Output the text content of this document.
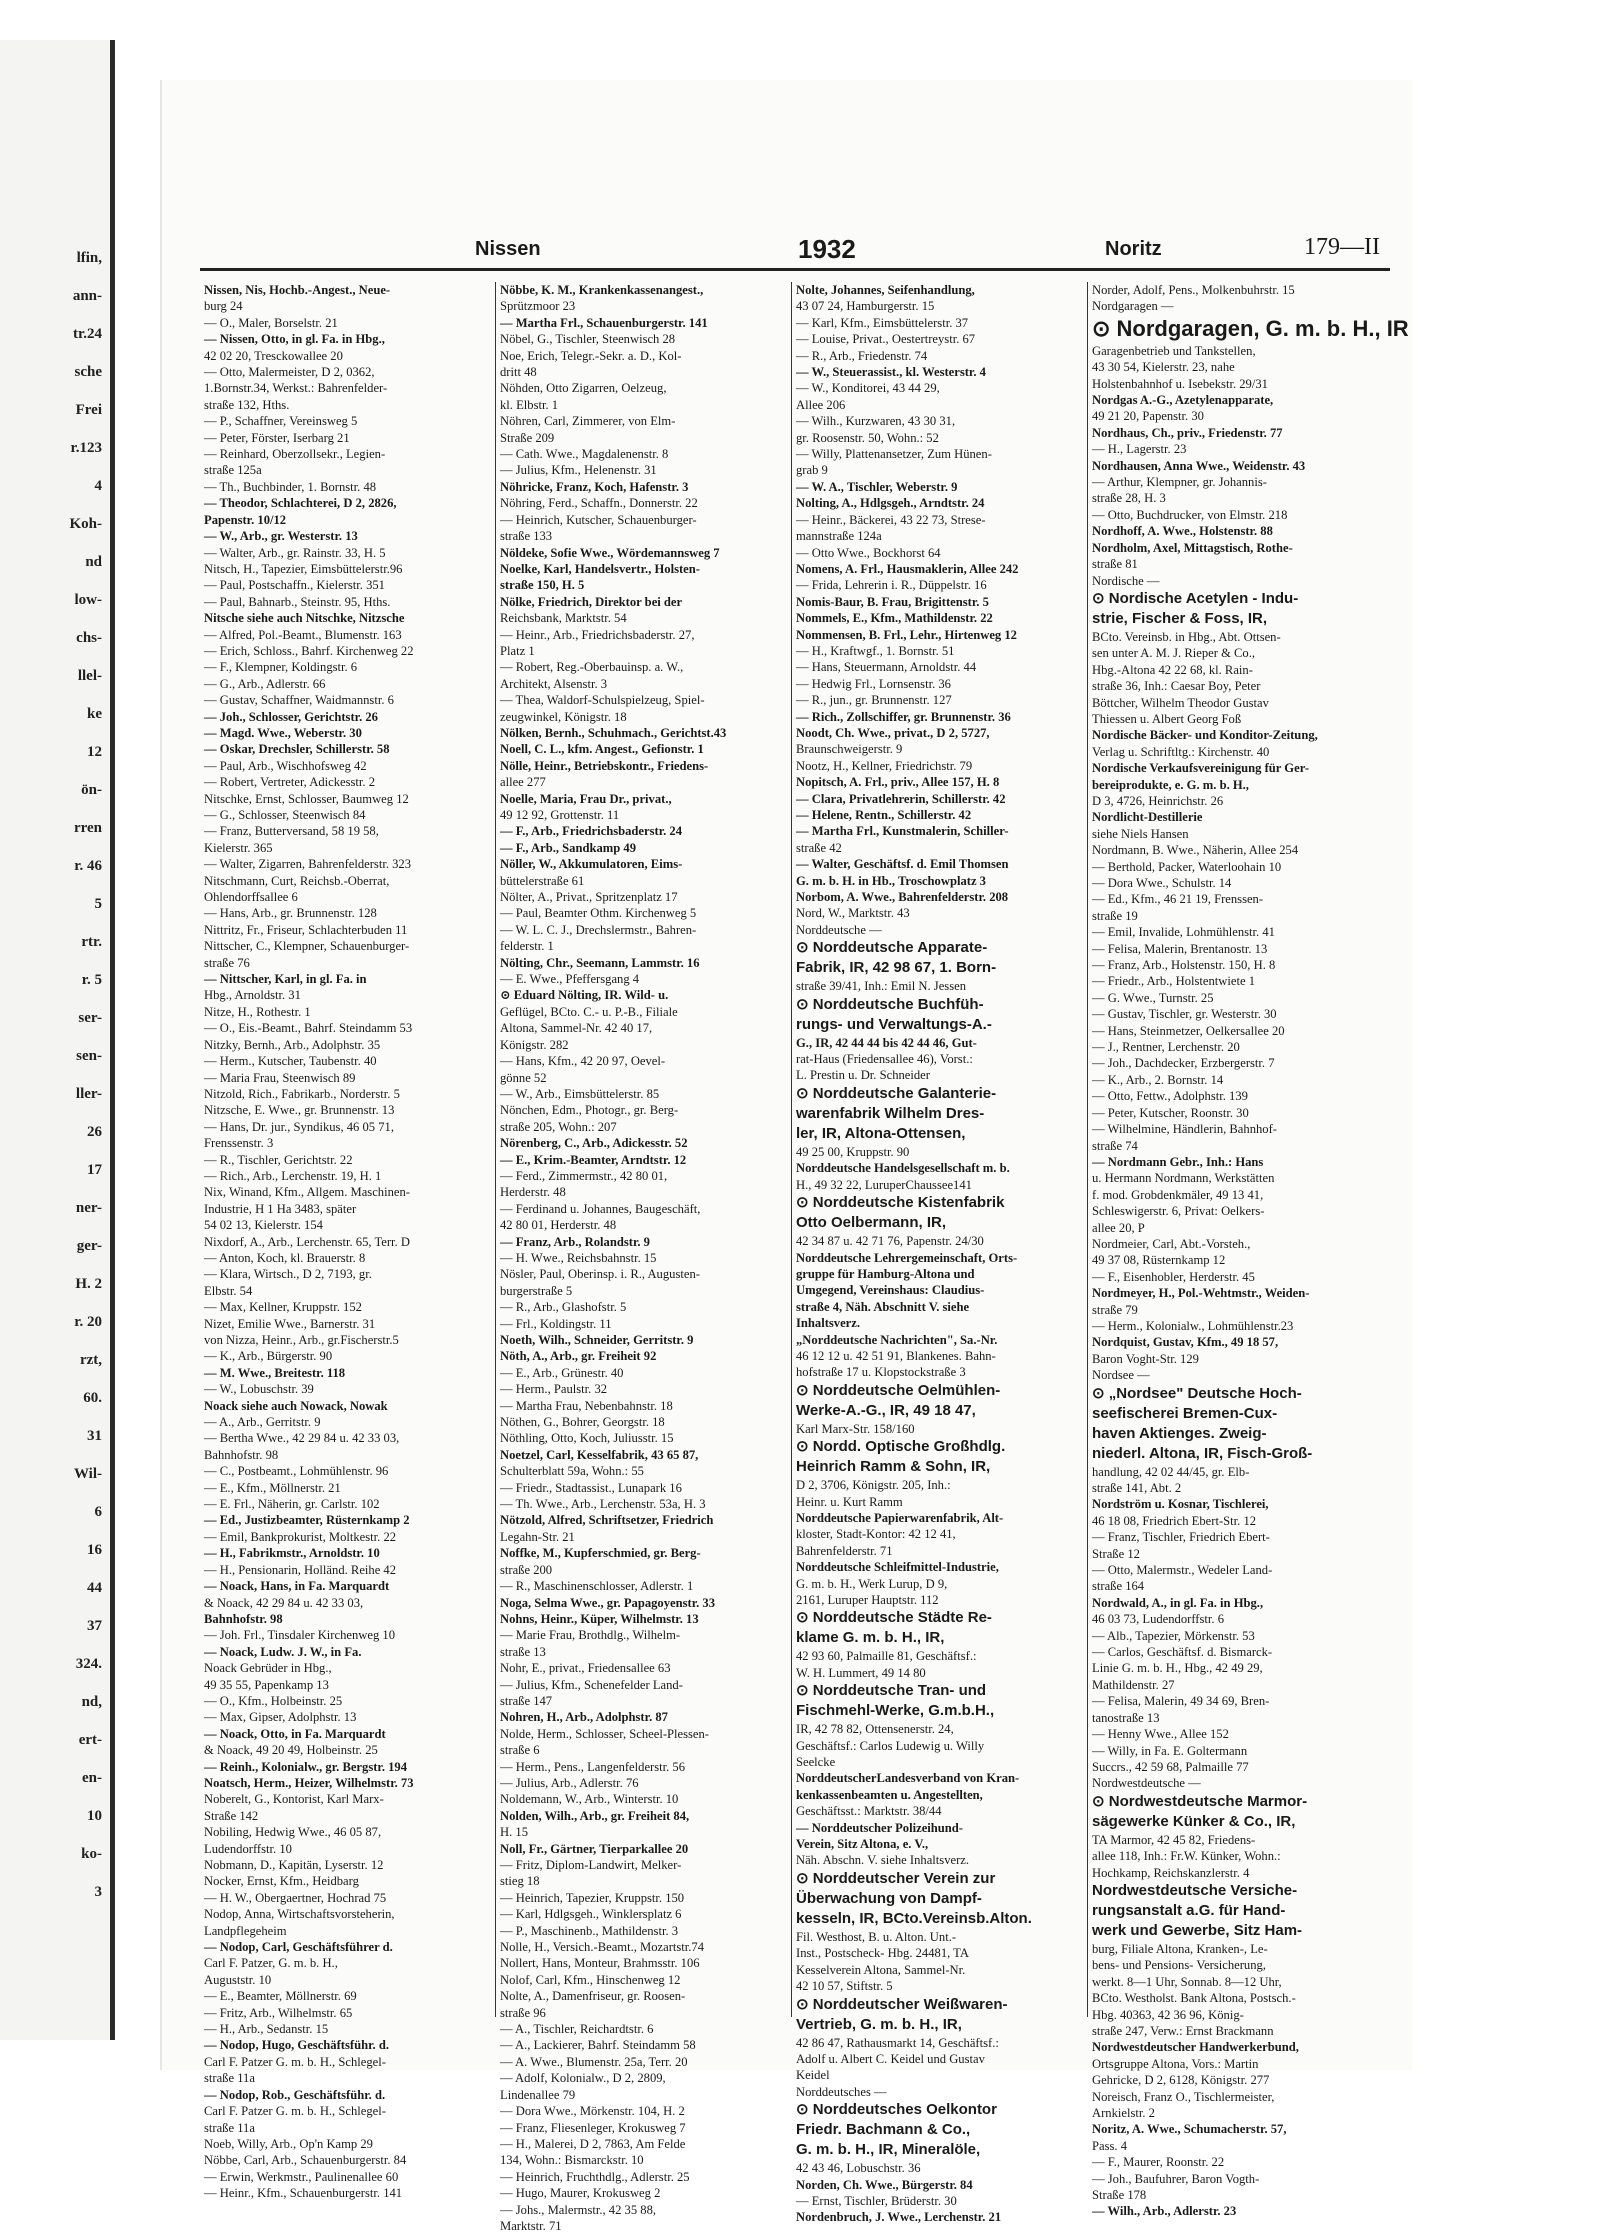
lfin,
ann-
tr.24
sche
Frei
r.123
4
Koh-
nd
low-
chs-
llel-
ke
12
ön-
rren
r. 46
5
rtr.
r. 5
ser-
sen-
ller-
26
17
ner-
ger-
H. 2
r. 20
rzt,
60.
31
Wil-
6
16
44
37
324.
nd,
ert-
en-
10
ko-
3
Nissen	1932	Noritz	179—II
Nissen, Nis, Hochb.-Angest., Neue-
burg 24
— O., Maler, Borselstr. 21
— Nissen, Otto, in gl. Fa. in Hbg.,
42 02 20, Tresckowallee 20
— Otto, Malermeister, D 2, 0362,
1.Bornstr.34, Werkst.: Bahrenfelder-
straße 132, Hths.
— P., Schaffner, Vereinsweg 5
— Peter, Förster, Iserbarg 21
— Reinhard, Oberzollsekr., Legien-
straße 125a
— Th., Buchbinder, 1. Bornstr. 48
— Theodor, Schlachterei, D 2, 2826,
Papenstr. 10/12
— W., Arb., gr. Westerstr. 13
— Walter, Arb., gr. Rainstr. 33, H. 5
Nitsch, H., Tapezier, Eimsbüttelerstr.96
— Paul, Postschaffn., Kielerstr. 351
— Paul, Bahnarb., Steinstr. 95, Hths.
Nitsche siehe auch Nitschke, Nitzsche
— Alfred, Pol.-Beamt., Blumenstr. 163
— Erich, Schloss., Bahrf. Kirchenweg 22
— F., Klempner, Koldingstr. 6
— G., Arb., Adlerstr. 66
— Gustav, Schaffner, Waidmannstr. 6
— Joh., Schlosser, Gerichtstr. 26
— Magd. Wwe., Weberstr. 30
— Oskar, Drechsler, Schillerstr. 58
— Paul, Arb., Wischhofsweg 42
— Robert, Vertreter, Adickesstr. 2
Nitschke, Ernst, Schlosser, Baumweg 12
— G., Schlosser, Steenwisch 84
— Franz, Butterversand, 58 19 58,
Kielerstr. 365
— Walter, Zigarren, Bahrenfelderstr. 323
Nitschmann, Curt, Reichsb.-Oberrat,
Ohlendorffsallee 6
— Hans, Arb., gr. Brunnenstr. 128
Nittritz, Fr., Friseur, Schlachterbuden 11
Nittscher, C., Klempner, Schauenburger-
straße 76
— Nittscher, Karl, in gl. Fa. in
Hbg., Arnoldstr. 31
Nitze, H., Rothestr. 1
— O., Eis.-Beamt., Bahrf. Steindamm 53
Nitzky, Bernh., Arb., Adolphstr. 35
— Herm., Kutscher, Taubenstr. 40
— Maria Frau, Steenwisch 89
Nitzold, Rich., Fabrikarb., Norderstr. 5
Nitzsche, E. Wwe., gr. Brunnenstr. 13
— Hans, Dr. jur., Syndikus, 46 05 71,
Frenssenstr. 3
— R., Tischler, Gerichtstr. 22
— Rich., Arb., Lerchenstr. 19, H. 1
Nix, Winand, Kfm., Allgem. Maschinen-
Industrie, H 1 Ha 3483, später
54 02 13, Kielerstr. 154
Nixdorf, A., Arb., Lerchenstr. 65, Terr. D
— Anton, Koch, kl. Brauerstr. 8
— Klara, Wirtsch., D 2, 7193, gr.
Elbstr. 54
— Max, Kellner, Kruppstr. 152
Nizet, Emilie Wwe., Barnerstr. 31
von Nizza, Heinr., Arb., gr.Fischerstr.5
— K., Arb., Bürgerstr. 90
— M. Wwe., Breitestr. 118
— W., Lobuschstr. 39
Noack siehe auch Nowack, Nowak
— A., Arb., Gerritstr. 9
— Bertha Wwe., 42 29 84 u. 42 33 03,
Bahnhofstr. 98
— C., Postbeamt., Lohmühlenstr. 96
— E., Kfm., Möllnerstr. 21
— E. Frl., Näherin, gr. Carlstr. 102
— Ed., Justizbeamter, Rüsternkamp 2
— Emil, Bankprokurist, Moltkestr. 22
— H., Fabrikmstr., Arnoldstr. 10
— H., Pensionarin, Holländ. Reihe 42
— Noack, Hans, in Fa. Marquardt
& Noack, 42 29 84 u. 42 33 03,
Bahnhofstr. 98
— Joh. Frl., Tinsdaler Kirchenweg 10
— Noack, Ludw. J. W., in Fa.
Noack Gebrüder in Hbg.,
49 35 55, Papenkamp 13
— O., Kfm., Holbeinstr. 25
— Max, Gipser, Adolphstr. 13
— Noack, Otto, in Fa. Marquardt
& Noack, 49 20 49, Holbeinstr. 25
— Reinh., Kolonialw., gr. Bergstr. 194
Noatsch, Herm., Heizer, Wilhelmstr. 73
Noberelt, G., Kontorist, Karl Marx-
Straße 142
Nobiling, Hedwig Wwe., 46 05 87,
Ludendorffstr. 10
Nobmann, D., Kapitän, Lyserstr. 12
Nocker, Ernst, Kfm., Heidbarg
— H. W., Obergaertner, Hochrad 75
Nodop, Anna, Wirtschaftsvorsteherin,
Landpflegeheim
— Nodop, Carl, Geschäftsführer d.
Carl F. Patzer, G. m. b. H.,
Auguststr. 10
— E., Beamter, Möllnerstr. 69
— Fritz, Arb., Wilhelmstr. 65
— H., Arb., Sedanstr. 15
— Nodop, Hugo, Geschäftsführ. d.
Carl F. Patzer G. m. b. H., Schlegel-
straße 11a
— Nodop, Rob., Geschäftsführ. d.
Carl F. Patzer G. m. b. H., Schlegel-
straße 11a
Noeb, Willy, Arb., Op'n Kamp 29
Nöbbe, Carl, Arb., Schauenburgerstr. 84
— Erwin, Werkmstr., Paulinenallee 60
— Heinr., Kfm., Schauenburgerstr. 141
Nöbbe, K. M., Krankenkassenangest.,
Sprützmoor 23
— Martha Frl., Schauenburgerstr. 141
Nöbel, G., Tischler, Steenwisch 28
Noe, Erich, Telegr.-Sekr. a. D., Kol-
dritt 48
Nöhden, Otto Zigarren, Oelzeug,
kl. Elbstr. 1
Nöhren, Carl, Zimmerer, von Elm-
Straße 209
— Cath. Wwe., Magdalenenstr. 8
— Julius, Kfm., Helenenstr. 31
Nöhricke, Franz, Koch, Hafenstr. 3
Nöhring, Ferd., Schaffn., Donnerstr. 22
— Heinrich, Kutscher, Schauenburger-
straße 133
Nöldeke, Sofie Wwe., Wördemannsweg 7
Noelke, Karl, Handelsvertr., Holsten-
straße 150, H. 5
Nölke, Friedrich, Direktor bei der
Reichsbank, Marktstr. 54
— Heinr., Arb., Friedrichsbaderstr. 27,
Platz 1
— Robert, Reg.-Oberbauinsp. a. W.,
Architekt, Alsenstr. 3
— Thea, Waldorf-Schulspielzeug, Spiel-
zeugwinkel, Königstr. 18
Nölken, Bernh., Schuhmach., Gerichtst.43
Noell, C. L., kfm. Angest., Gefionstr. 1
Nölle, Heinr., Betriebskontr., Friedens-
allee 277
Noelle, Maria, Frau Dr., privat.,
49 12 92, Grottenstr. 11
— F., Arb., Friedrichsbaderstr. 24
— F., Arb., Sandkamp 49
Nöller, W., Akkumulatoren, Eims-
büttelerstraße 61
Nölter, A., Privat., Spritzenplatz 17
— Paul, Beamter Othm. Kirchenweg 5
— W. L. C. J., Drechslermstr., Bahren-
felderstr. 1
Nölting, Chr., Seemann, Lammstr. 16
— E. Wwe., Pfeffersgang 4
⊙ Eduard Nölting, IR. Wild- u.
Geflügel, BCto. C.- u. P.-B., Filiale
Altona, Sammel-Nr. 42 40 17,
Königstr. 282
— Hans, Kfm., 42 20 97, Oevel-
gönne 52
— W., Arb., Eimsbüttelerstr. 85
Nönchen, Edm., Photogr., gr. Berg-
straße 205, Wohn.: 207
Nörenberg, C., Arb., Adickesstr. 52
— E., Krim.-Beamter, Arndtstr. 12
— Ferd., Zimmermstr., 42 80 01,
Herderstr. 48
— Ferdinand u. Johannes, Baugeschäft,
42 80 01, Herderstr. 48
— Franz, Arb., Rolandstr. 9
— H. Wwe., Reichsbahnstr. 15
Nösler, Paul, Oberinsp. i. R., Augusten-
burgerstraße 5
— R., Arb., Glashofstr. 5
— Frl., Koldingstr. 11
Noeth, Wilh., Schneider, Gerritstr. 9
Nöth, A., Arb., gr. Freiheit 92
— E., Arb., Grünestr. 40
— Herm., Paulstr. 32
— Martha Frau, Nebenbahnstr. 18
Nöthen, G., Bohrer, Georgstr. 18
Nöthling, Otto, Koch, Juliusstr. 15
Noetzel, Carl, Kesselfabrik, 43 65 87,
Schulterblatt 59a, Wohn.: 55
— Friedr., Stadtassist., Lunapark 16
— Th. Wwe., Arb., Lerchenstr. 53a, H. 3
Nötzold, Alfred, Schriftsetzer, Friedrich
Legahn-Str. 21
Noffke, M., Kupferschmied, gr. Berg-
straße 200
— R., Maschinenschlosser, Adlerstr. 1
Noga, Selma Wwe., gr. Papagoyenstr. 33
Nohns, Heinr., Küper, Wilhelmstr. 13
— Marie Frau, Brothdlg., Wilhelm-
straße 13
Nohr, E., privat., Friedensallee 63
— Julius, Kfm., Schenefelder Land-
straße 147
Nohren, H., Arb., Adolphstr. 87
Nolde, Herm., Schlosser, Scheel-Plessen-
straße 6
— Herm., Pens., Langenfelderstr. 56
— Julius, Arb., Adlerstr. 76
Noldemann, W., Arb., Winterstr. 10
Nolden, Wilh., Arb., gr. Freiheit 84,
H. 15
Noll, Fr., Gärtner, Tierparkallee 20
— Fritz, Diplom-Landwirt, Melker-
stieg 18
— Heinrich, Tapezier, Kruppstr. 150
— Karl, Hdlgsgeh., Winklersplatz 6
— P., Maschinenb., Mathildenstr. 3
Nolle, H., Versich.-Beamt., Mozartstr.74
Nollert, Hans, Monteur, Brahmsstr. 106
Nolof, Carl, Kfm., Hinschenweg 12
Nolte, A., Damenfriseur, gr. Roosen-
straße 96
— A., Tischler, Reichardtstr. 6
— A., Lackierer, Bahrf. Steindamm 58
— A. Wwe., Blumenstr. 25a, Terr. 20
— Adolf, Kolonialw., D 2, 2809,
Lindenallee 79
— Dora Wwe., Mörkenstr. 104, H. 2
— Franz, Fliesenleger, Krokusweg 7
— H., Malerei, D 2, 7863, Am Felde
134, Wohn.: Bismarckstr. 10
— Heinrich, Fruchthdlg., Adlerstr. 25
— Hugo, Maurer, Krokusweg 2
— Johs., Malermstr., 42 35 88,
Marktstr. 71
Nolte, Johannes, Seifenhandlung,
43 07 24, Hamburgerstr. 15
— Karl, Kfm., Eimsbüttelerstr. 37
— Louise, Privat., Oestertreystr. 67
— R., Arb., Friedenstr. 74
— W., Steuerassist., kl. Westerstr. 4
— W., Konditorei, 43 44 29,
Allee 206
— Wilh., Kurzwaren, 43 30 31,
gr. Roosenstr. 50, Wohn.: 52
— Willy, Plattenansetzer, Zum Hünen-
grab 9
— W. A., Tischler, Weberstr. 9
Nolting, A., Hdlgsgeh., Arndtstr. 24
— Heinr., Bäckerei, 43 22 73, Strese-
mannstraße 124a
— Otto Wwe., Bockhorst 64
Nomens, A. Frl., Hausmaklerin, Allee 242
— Frida, Lehrerin i. R., Düppelstr. 16
Nomis-Baur, B. Frau, Brigittenstr. 5
Nommels, E., Kfm., Mathildenstr. 22
Nommensen, B. Frl., Lehr., Hirtenweg 12
— H., Kraftwgf., 1. Bornstr. 51
— Hans, Steuermann, Arnoldstr. 44
— Hedwig Frl., Lornsenstr. 36
— R., jun., gr. Brunnenstr. 127
— Rich., Zollschiffer, gr. Brunnenstr. 36
Noodt, Ch. Wwe., privat., D 2, 5727,
Braunschweigerstr. 9
Nootz, H., Kellner, Friedrichstr. 79
Nopitsch, A. Frl., priv., Allee 157, H. 8
— Clara, Privatlehrerin, Schillerstr. 42
— Helene, Rentn., Schillerstr. 42
— Martha Frl., Kunstmalerin, Schiller-
straße 42
— Walter, Geschäftsf. d. Emil Thomsen
G. m. b. H. in Hb., Troschowplatz 3
Norbom, A. Wwe., Bahrenfelderstr. 208
Nord, W., Marktstr. 43
Norddeutsche —
⊙ Norddeutsche Apparate-
Fabrik, IR, 42 98 67, 1. Born-
straße 39/41, Inh.: Emil N. Jessen
⊙ Norddeutsche Buchfüh-
rungs- und Verwaltungs-A.-
G., IR, 42 44 44 bis 42 44 46, Gut-
rat-Haus (Friedensallee 46), Vorst.:
L. Prestin u. Dr. Schneider
⊙ Norddeutsche Galanterie-
warenfabrik Wilhelm Dres-
ler, IR, Altona-Ottensen,
49 25 00, Kruppstr. 90
Norddeutsche Handelsgesellschaft m. b.
H., 49 32 22, LuruperChaussee141
⊙ Norddeutsche Kistenfabrik
Otto Oelbermann, IR,
42 34 87 u. 42 71 76, Papenstr. 24/30
Norddeutsche Lehrergemeinschaft, Orts-
gruppe für Hamburg-Altona und
Umgegend, Vereinshaus: Claudius-
straße 4, Näh. Abschnitt V. siehe
Inhaltsverz.
„Norddeutsche Nachrichten", Sa.-Nr.
46 12 12 u. 42 51 91, Blankenes. Bahn-
hofstraße 17 u. Klopstockstraße 3
⊙ Norddeutsche Oelmühlen-
Werke-A.-G., IR, 49 18 47,
Karl Marx-Str. 158/160
⊙ Nordd. Optische Großhdlg.
Heinrich Ramm & Sohn, IR,
D 2, 3706, Königstr. 205, Inh.:
Heinr. u. Kurt Ramm
Norddeutsche Papierwarenfabrik, Alt-
kloster, Stadt-Kontor: 42 12 41,
Bahrenfelderstr. 71
Norddeutsche Schleifmittel-Industrie,
G. m. b. H., Werk Lurup, D 9,
2161, Luruper Hauptstr. 112
⊙ Norddeutsche Städte Re-
klame G. m. b. H., IR,
42 93 60, Palmaille 81, Geschäftsf.:
W. H. Lummert, 49 14 80
⊙ Norddeutsche Tran- und
Fischmehl-Werke, G.m.b.H.,
IR, 42 78 82, Ottensenerstr. 24,
Geschäftsf.: Carlos Ludewig u. Willy
Seelcke
NorddeutscherLandesverband von Kran-
kenkassenbeamten u. Angestellten,
Geschäftsst.: Marktstr. 38/44
— Norddeutscher Polizeihund-
Verein, Sitz Altona, e. V.,
Näh. Abschn. V. siehe Inhaltsverz.
⊙ Norddeutscher Verein zur
Überwachung von Dampf-
kesseln, IR, BCto.Vereinsb.Alton.
Fil. Westhost, B. u. Alton. Unt.-
Inst., Postscheck- Hbg. 24481, TA
Kesselverein Altona, Sammel-Nr.
42 10 57, Stiftstr. 5
⊙ Norddeutscher Weißwaren-
Vertrieb, G. m. b. H., IR,
42 86 47, Rathausmarkt 14, Geschäftsf.:
Adolf u. Albert C. Keidel und Gustav
Keidel
Norddeutsches —
⊙ Norddeutsches Oelkontor
Friedr. Bachmann & Co.,
G. m. b. H., IR, Mineralöle,
42 43 46, Lobuschstr. 36
Norden, Ch. Wwe., Bürgerstr. 84
— Ernst, Tischler, Brüderstr. 30
Nordenbruch, J. Wwe., Lerchenstr. 21
Norder, Adolf, Pens., Molkenbuhrstr. 15
Nordgaragen —
⊙ Nordgaragen, G. m. b. H., IR
Garagenbetrieb und Tankstellen,
43 30 54, Kielerstr. 23, nahe
Holstenbahnhof u. Isebekstr. 29/31
Nordgas A.-G., Azetylenapparate,
49 21 20, Papenstr. 30
Nordhaus, Ch., priv., Friedenstr. 77
— H., Lagerstr. 23
Nordhausen, Anna Wwe., Weidenstr. 43
— Arthur, Klempner, gr. Johannis-
straße 28, H. 3
— Otto, Buchdrucker, von Elmstr. 218
Nordhoff, A. Wwe., Holstenstr. 88
Nordholm, Axel, Mittagstisch, Rothe-
straße 81
Nordische —
⊙ Nordische Acetylen - Indu-
strie, Fischer & Foss, IR,
BCto. Vereinsb. in Hbg., Abt. Ottsen-
sen unter A. M. J. Rieper & Co.,
Hbg.-Altona 42 22 68, kl. Rain-
straße 36, Inh.: Caesar Boy, Peter
Böttcher, Wilhelm Theodor Gustav
Thiessen u. Albert Georg Foß
Nordische Bäcker- und Konditor-Zeitung,
Verlag u. Schriftltg.: Kirchenstr. 40
Nordische Verkaufsvereinigung für Ger-
bereiprodukte, e. G. m. b. H.,
D 3, 4726, Heinrichstr. 26
Nordlicht-Destillerie
siehe Niels Hansen
Nordmann, B. Wwe., Näherin, Allee 254
— Berthold, Packer, Waterloohain 10
— Dora Wwe., Schulstr. 14
— Ed., Kfm., 46 21 19, Frenssen-
straße 19
— Emil, Invalide, Lohmühlenstr. 41
— Felisa, Malerin, Brentanostr. 13
— Franz, Arb., Holstenstr. 150, H. 8
— Friedr., Arb., Holstentwiete 1
— G. Wwe., Turnstr. 25
— Gustav, Tischler, gr. Westerstr. 30
— Hans, Steinmetzer, Oelkersallee 20
— J., Rentner, Lerchenstr. 20
— Joh., Dachdecker, Erzbergerstr. 7
— K., Arb., 2. Bornstr. 14
— Otto, Fettw., Adolphstr. 139
— Peter, Kutscher, Roonstr. 30
— Wilhelmine, Händlerin, Bahnhof-
straße 74
— Nordmann Gebr., Inh.: Hans
u. Hermann Nordmann, Werkstätten
f. mod. Grobdenkmäler, 49 13 41,
Schleswigerstr. 6, Privat: Oelkers-
allee 20, P
Nordmeier, Carl, Abt.-Vorsteh.,
49 37 08, Rüsternkamp 12
— F., Eisenhobler, Herderstr. 45
Nordmeyer, H., Pol.-Wehtmstr., Weiden-
straße 79
— Herm., Kolonialw., Lohmühlenstr.23
Nordquist, Gustav, Kfm., 49 18 57,
Baron Voght-Str. 129
Nordsee —
⊙ „Nordsee" Deutsche Hoch-
seefischerei Bremen-Cux-
haven Aktienges. Zweig-
niederl. Altona, IR, Fisch-Groß-
handlung, 42 02 44/45, gr. Elb-
straße 141, Abt. 2
Nordström u. Kosnar, Tischlerei,
46 18 08, Friedrich Ebert-Str. 12
— Franz, Tischler, Friedrich Ebert-
Straße 12
— Otto, Malermstr., Wedeler Land-
straße 164
Nordwald, A., in gl. Fa. in Hbg.,
46 03 73, Ludendorffstr. 6
— Alb., Tapezier, Mörkenstr. 53
— Carlos, Geschäftsf. d. Bismarck-
Linie G. m. b. H., Hbg., 42 49 29,
Mathildenstr. 27
— Felisa, Malerin, 49 34 69, Bren-
tanostraße 13
— Henny Wwe., Allee 152
— Willy, in Fa. E. Goltermann
Succrs., 42 59 68, Palmaille 77
Nordwestdeutsche —
⊙ Nordwestdeutsche Marmor-
sägewerke Künker & Co., IR,
TA Marmor, 42 45 82, Friedens-
allee 118, Inh.: Fr.W. Künker, Wohn.:
Hochkamp, Reichskanzlerstr. 4
Nordwestdeutsche Versiche-
rungsanstalt a.G. für Hand-
werk und Gewerbe, Sitz Ham-
burg, Filiale Altona, Kranken-, Le-
bens- und Pensions- Versicherung,
werkt. 8—1 Uhr, Sonnab. 8—12 Uhr,
BCto. Westholst. Bank Altona, Postsch.-
Hbg. 40363, 42 36 96, König-
straße 247, Verw.: Ernst Brackmann
Nordwestdeutscher Handwerkerbund,
Ortsgruppe Altona, Vors.: Martin
Gehricke, D 2, 6128, Königstr. 277
Noreisch, Franz O., Tischlermeister,
Arnkielstr. 2
Noritz, A. Wwe., Schumacherstr. 57,
Pass. 4
— F., Maurer, Roonstr. 22
— Joh., Baufuhrer, Baron Vogth-
Straße 178
— Wilh., Arb., Adlerstr. 23
